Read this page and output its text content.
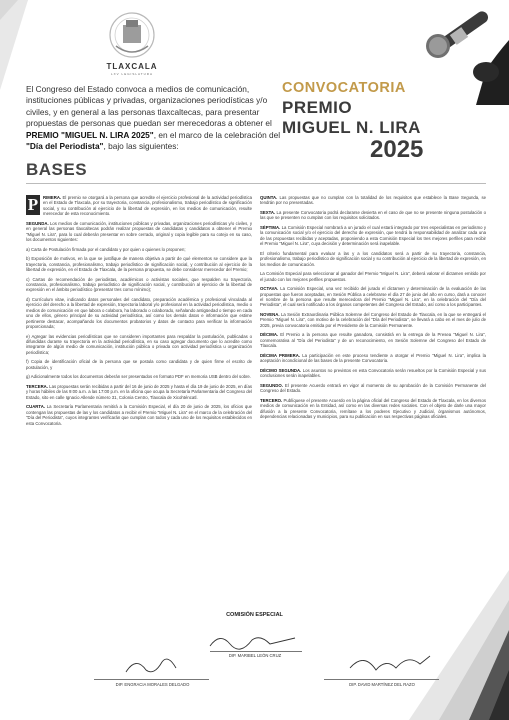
TLAXCALA
LXV LEGISLATURA
El Congreso del Estado convoca a medios de comunicación, instituciones públicas y privadas, organizaciones periodísticas y/o civiles, y en general a las personas tlaxcaltecas, para presentar propuestas de personas que puedan ser merecedoras a obtener el PREMIO "MIGUEL N. LIRA 2025", en el marco de la celebración del "Día del Periodista", bajo las siguientes:
CONVOCATORIA
PREMIO
MIGUEL N. LIRA
2025
BASES

P	RIMERA. El premio se otorgará a la persona que acredite el ejercicio profesional de la actividad periodística en el Estado de Tlaxcala, por su trayectoria, constancia, profesionalismo, trabajo periodístico de significación social, y su contribución al ejercicio de la libertad de expresión, en los medios de comunicación, resulte merecedor de esta reconocimiento.

SEGUNDA. Los medios de comunicación, instituciones públicas y privadas, organizaciones periodísticas y/o civiles, y en general las personas tlaxcaltecas podrán realizar propuestas de candidatas y candidatos a obtener el Premio "Miguel N. Lira", para lo cual deberán presentar en sobre cerrado, original y copia legible para su cotejo en su caso, los documentos siguientes:

a) Carta de Postulación firmada por el candidato y por quien o quienes lo proponen;

b) Exposición de motivos, en la que se justifique de manera objetiva a partir de qué elementos se considere que la trayectoria, constancia, profesionalismo, trabajo periodístico de significación social, y contribución al ejercicio de la libertad de expresión, en el Estado de Tlaxcala, de la persona propuesta, se debe considerar merecedor del Premio;

c) Cartas de recomendación de periodistas, académicos o activistas sociales, que respalden su trayectoria, constancia, profesionalismo, trabajo periodístico de significación social, y contribución al ejercicio de la libertad de expresión en el ámbito periodístico (presentar tres como mínimo);

d) Currículum vitae, indicando datos personales del candidato, preparación académica y profesional vinculada al ejercicio del derecho a la libertad de expresión, trayectoria laboral y/o profesional en la actividad periodística, medio o medios de comunicación en que labora o colabora, ha laborado o colaborado, señalando antigüedad o tiempo en cada uno de ellos, género principal de su actividad periodística, así como los demás datos e información que estime pertinente destacar, acompañando los documentos probatorios y datos de contacto para verificar la información proporcionada;

e) Agregar las evidencias periodísticas que se consideren importantes para respaldar la postulación, publicadas o difundidas durante su trayectoria en la actividad periodística, en su caso agregar documento que lo acredite como integrante de algún medio de comunicación, institución pública o privada con actividad periodística u organización periodística;

f) Copia de identificación oficial de la persona que se postula como candidata y de quien firme el escrito de postulación, y

g) Adicionalmente todos los documentos deberán ser presentados en formato PDF en memoria USB dentro del sobre.

TERCERA. Las propuestas serán recibidas a partir del 16 de junio de 2025 y hasta el día 19 de junio de 2025, en días y horas hábiles de las 9:00 a.m. a las 17:00 p.m. en la oficina que ocupa la Secretaría Parlamentaria del Congreso del Estado, sito en calle Ignacio Allende número 31, Colonia Centro, Tlaxcala de Xicohténcatl.

CUARTA. La Secretaría Parlamentaria remitirá a la Comisión Especial, el día 20 de junio de 2025, los oficios que contengan las propuestas de las y los candidatos a recibir el Premio "Miguel N. Lira" en el marco de la celebración del "Día del Periodista", cuyos integrantes verificarán que cumplan con todos y cada uno de los requisitos establecidos en esta Convocatoria.

QUINTA. Las propuestas que no cumplan con la totalidad de los requisitos que establece la Base Segunda, se tendrán por no presentadas.

SEXTA. La presente Convocatoria podrá declararse desierta en el caso de que no se presente ninguna postulación o las que se presenten no cumplan con los requisitos solicitados.

SÉPTIMA. La Comisión Especial nombrará a un jurado el cual estará integrado por tres especialistas en periodismo y la comunicación social y/o el ejercicio del derecho de expresión, que tendrá la responsabilidad de analizar cada una de las propuestas recibidas y aceptadas, proponiendo a esta Comisión Especial los tres mejores perfiles para recibir el Premio "Miguel N. Lira", cuya decisión y determinación será inapelable.

El criterio fundamental para evaluar a las y a los candidatos será a partir de su trayectoria, constancia, profesionalismo, trabajo periodístico de significación social y su contribución al ejercicio de la libertad de expresión, en los medios de comunicación.

La Comisión Especial para seleccionar al ganador del Premio "Miguel N. Lira", deberá valorar el dictamen emitido por el jurado con los mejores perfiles propuestos.

OCTAVA. La Comisión Especial, una vez recibido del jurado el dictamen y determinación de la evaluación de las propuestas que fueron aceptadas, en Sesión Pública a celebrarse el día 27 de junio del año en curso, dará a conocer el nombre de la persona que resulte merecedora del Premio "Miguel N. Lira", en la celebración del "Día del Periodista", el cual será notificado a los órganos competentes del Congreso del Estado, así como a los participantes.

NOVENA. La Sesión Extraordinaria Pública Solemne del Congreso del Estado de Tlaxcala, en la que se entregará el Premio "Miguel N. Lira", con motivo de la celebración del "Día del Periodista", se llevará a cabo en el mes de julio de 2025, previa convocatoria emitida por el Presidente de la Comisión Permanente.

DÉCIMA. El Premio a la persona que resulte ganadora, consistirá en la entrega de la Presea "Miguel N. Lira", conmemorativa al "Día del Periodista" y de un reconocimiento, en Sesión Solemne del Congreso del Estado de Tlaxcala.

DÉCIMA PRIMERA. La participación en este proceso tendiente a otorgar el Premio "Miguel N. Lira", implica la aceptación incondicional de las bases de la presente Convocatoria.

DÉCIMO SEGUNDA. Los asuntos no previstos en esta Convocatoria serán resueltos por la Comisión Especial y sus conclusiones serán inapelables.

SEGUNDO. El presente Acuerdo entrará en vigor al momento de su aprobación de la Comisión Permanente del Congreso del Estado.

TERCERO. Publíquese el presente Acuerdo en la página oficial del Congreso del Estado de Tlaxcala, en los diversos medios de comunicación en la Entidad, así como en las diversas redes sociales. Con el objeto de darle una mayor difusión a la presente Convocatoria, remítase a los poderes Ejecutivo y Judicial, órganismos autónomos, dependencias relacionadas y municipios, para su publicación en sus respectivas páginas oficiales.

COMISIÓN ESPECIAL
DIP. MARIBEL LEÓN CRUZ
DIP. ENGRACIA MORALES DELGADO	DIP. DAVID MARTÍNEZ DEL RAZO
